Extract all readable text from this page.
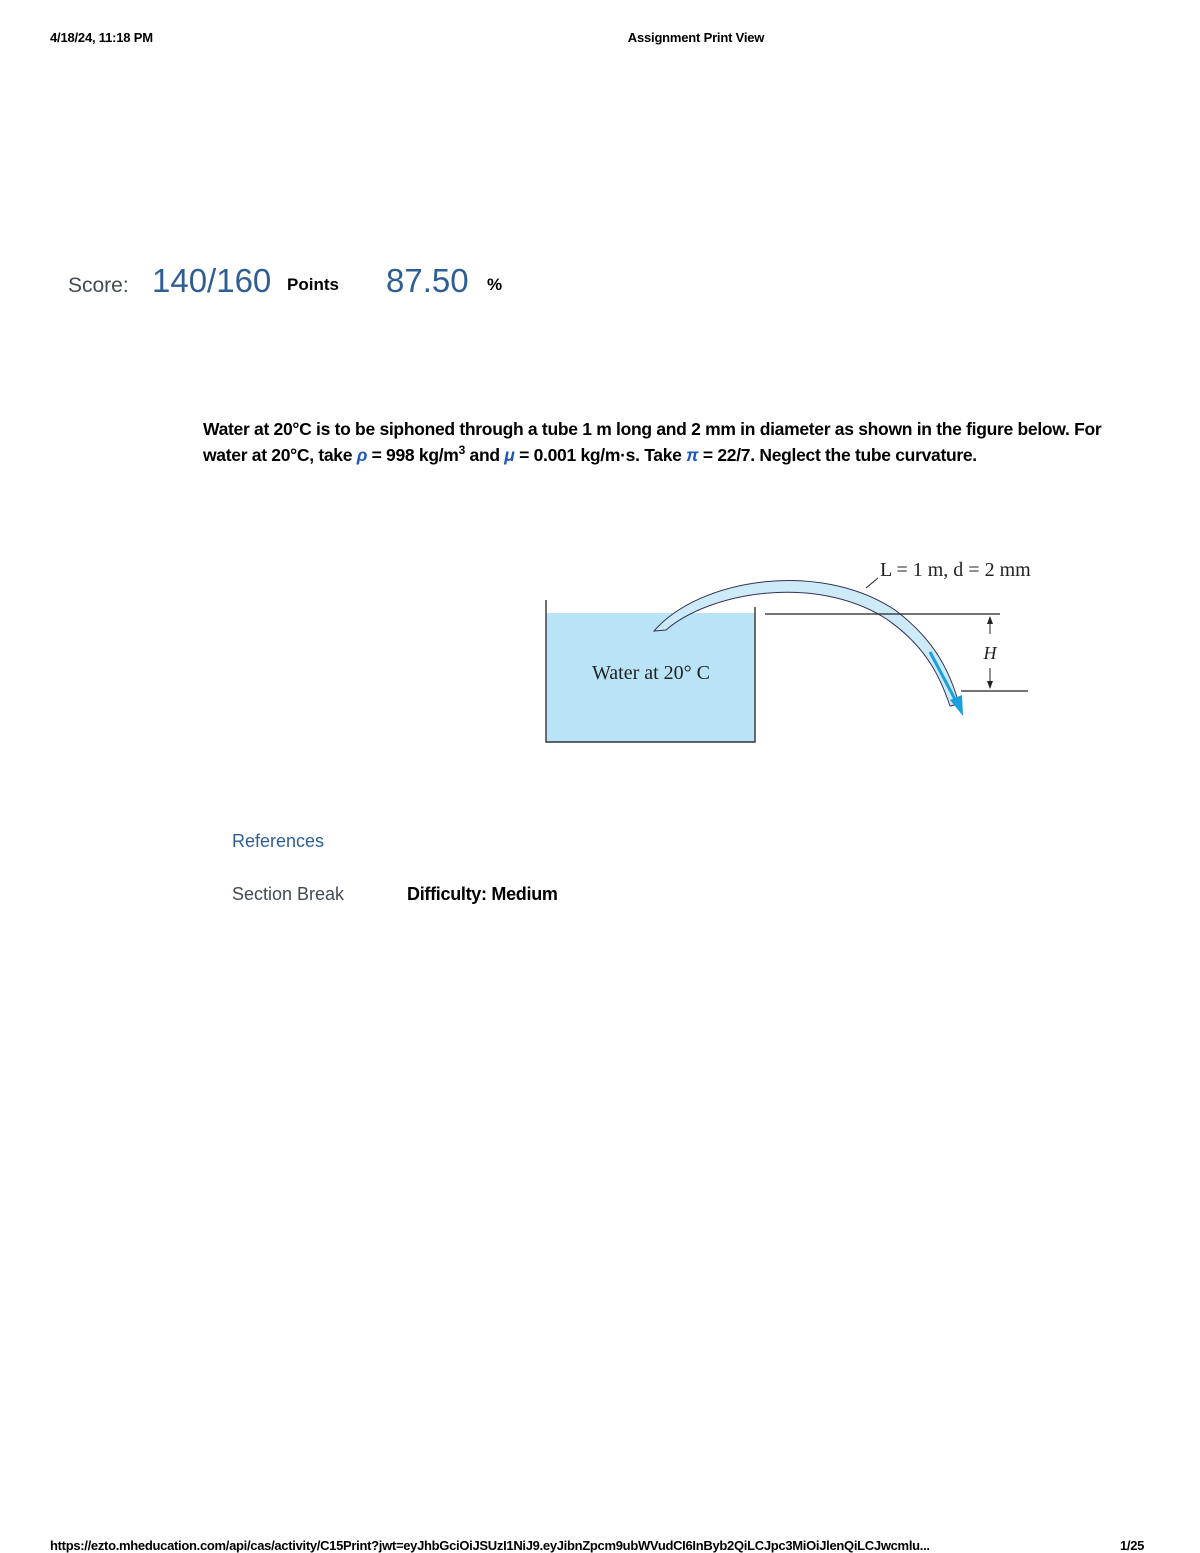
4/18/24, 11:18 PM	Assignment Print View
Score: 140/160 Points 87.50 %
Water at 20°C is to be siphoned through a tube 1 m long and 2 mm in diameter as shown in the figure below. For water at 20°C, take ρ = 998 $kg/m^3$ and μ = 0.001 kg/m·s. Take π = 22/7. Neglect the tube curvature.
H
L = 1 m, d = 2 mm
Water at 20° C
References
Section Break	Difficulty: Medium
https://ezto.mheducation.com/api/cas/activity/C15Print?jwt=eyJhbGciOiJSUzI1NiJ9.eyJibnZpcm9ubWVudCI6InByb2QiLCJpc3MiOiJlenQiLCJwcmlu...	1/25
